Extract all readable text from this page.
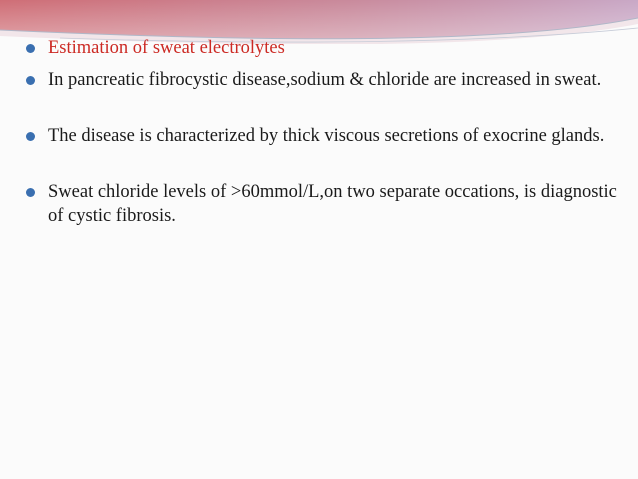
Estimation of sweat electrolytes
In pancreatic fibrocystic disease,sodium & chloride are increased in sweat.
The disease is characterized by thick viscous secretions of exocrine glands.
Sweat chloride levels of >60mmol/L,on two separate occations, is diagnostic of cystic fibrosis.
